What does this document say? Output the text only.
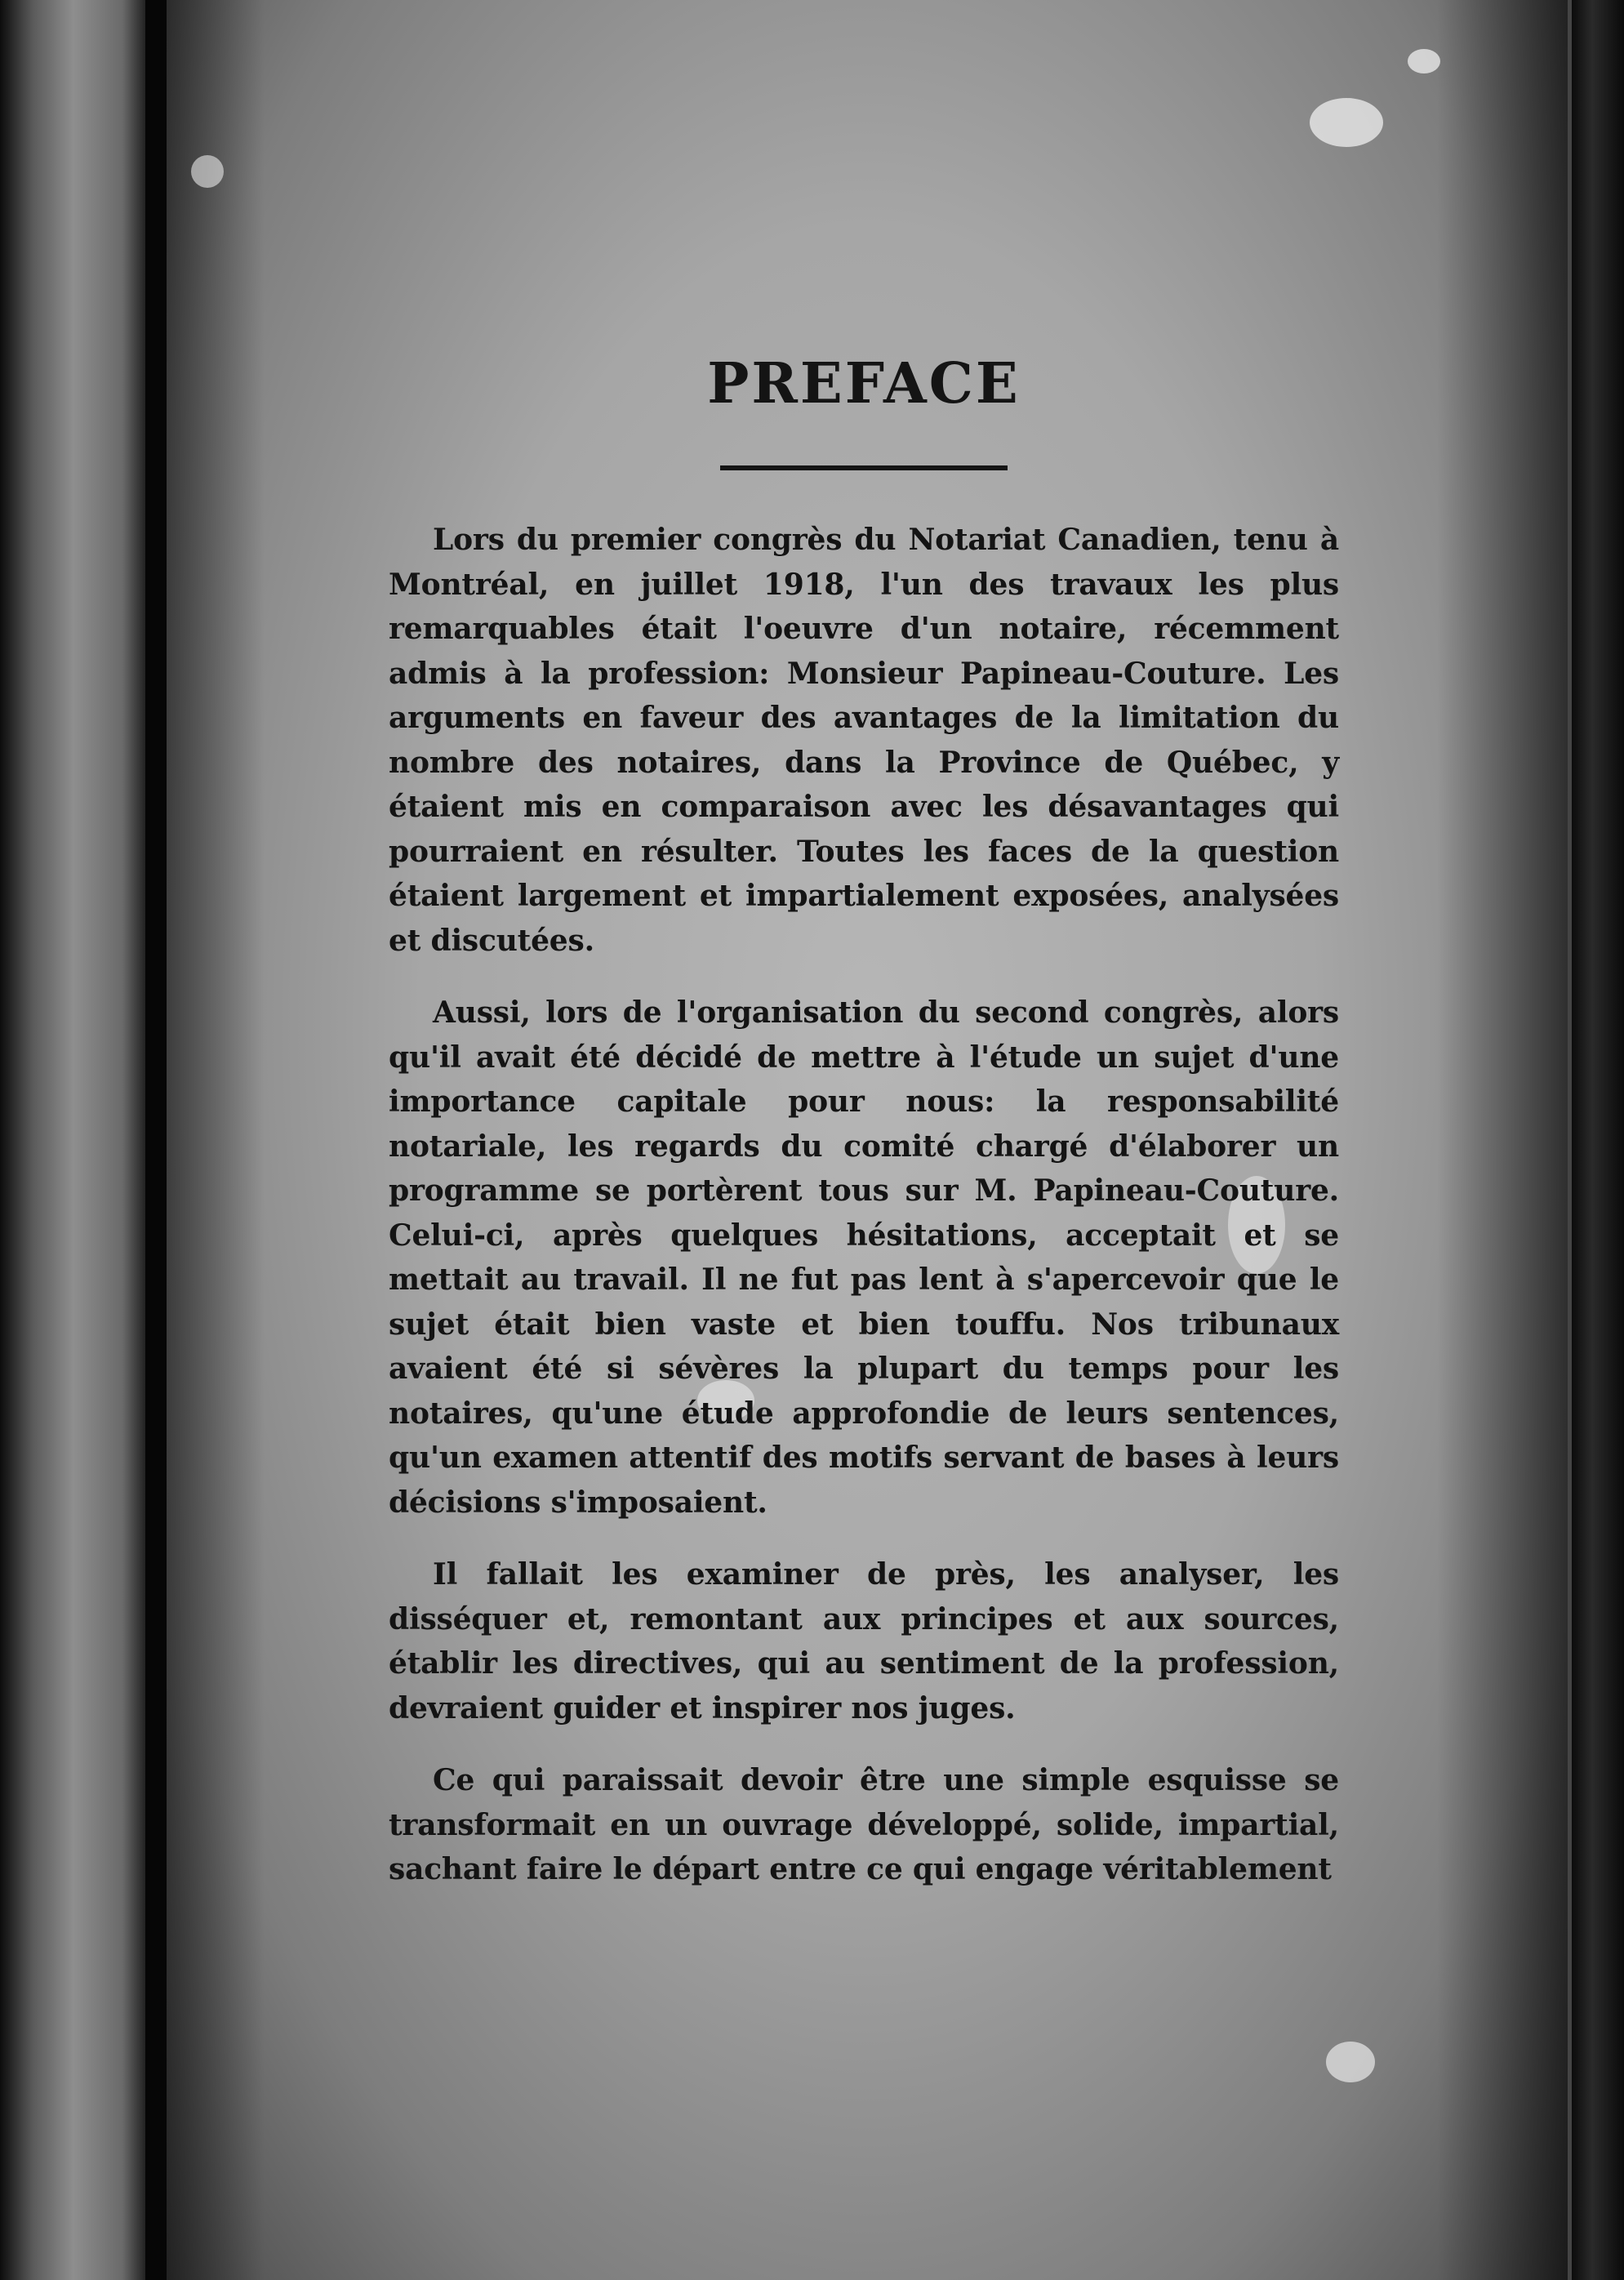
PREFACE

Lors du premier congrès du Notariat Canadien, tenu à Montréal, en juillet 1918, l'un des travaux les plus remarquables était l'oeuvre d'un notaire, récemment admis à la profession: Monsieur Papineau-Couture. Les arguments en faveur des avantages de la limitation du nombre des notaires, dans la Province de Québec, y étaient mis en comparaison avec les désavantages qui pourraient en résulter. Toutes les faces de la question étaient largement et impartialement exposées, analysées et discutées.

Aussi, lors de l'organisation du second congrès, alors qu'il avait été décidé de mettre à l'étude un sujet d'une importance capitale pour nous: la responsabilité notariale, les regards du comité chargé d'élaborer un programme se portèrent tous sur M. Papineau-Couture. Celui-ci, après quelques hésitations, acceptait et se mettait au travail. Il ne fut pas lent à s'apercevoir que le sujet était bien vaste et bien touffu. Nos tribunaux avaient été si sévères la plupart du temps pour les notaires, qu'une étude approfondie de leurs sentences, qu'un examen attentif des motifs servant de bases à leurs décisions s'imposaient.

Il fallait les examiner de près, les analyser, les disséquer et, remontant aux principes et aux sources, établir les directives, qui au sentiment de la profession, devraient guider et inspirer nos juges.

Ce qui paraissait devoir être une simple esquisse se transformait en un ouvrage développé, solide, impartial, sachant faire le départ entre ce qui engage véritablement
